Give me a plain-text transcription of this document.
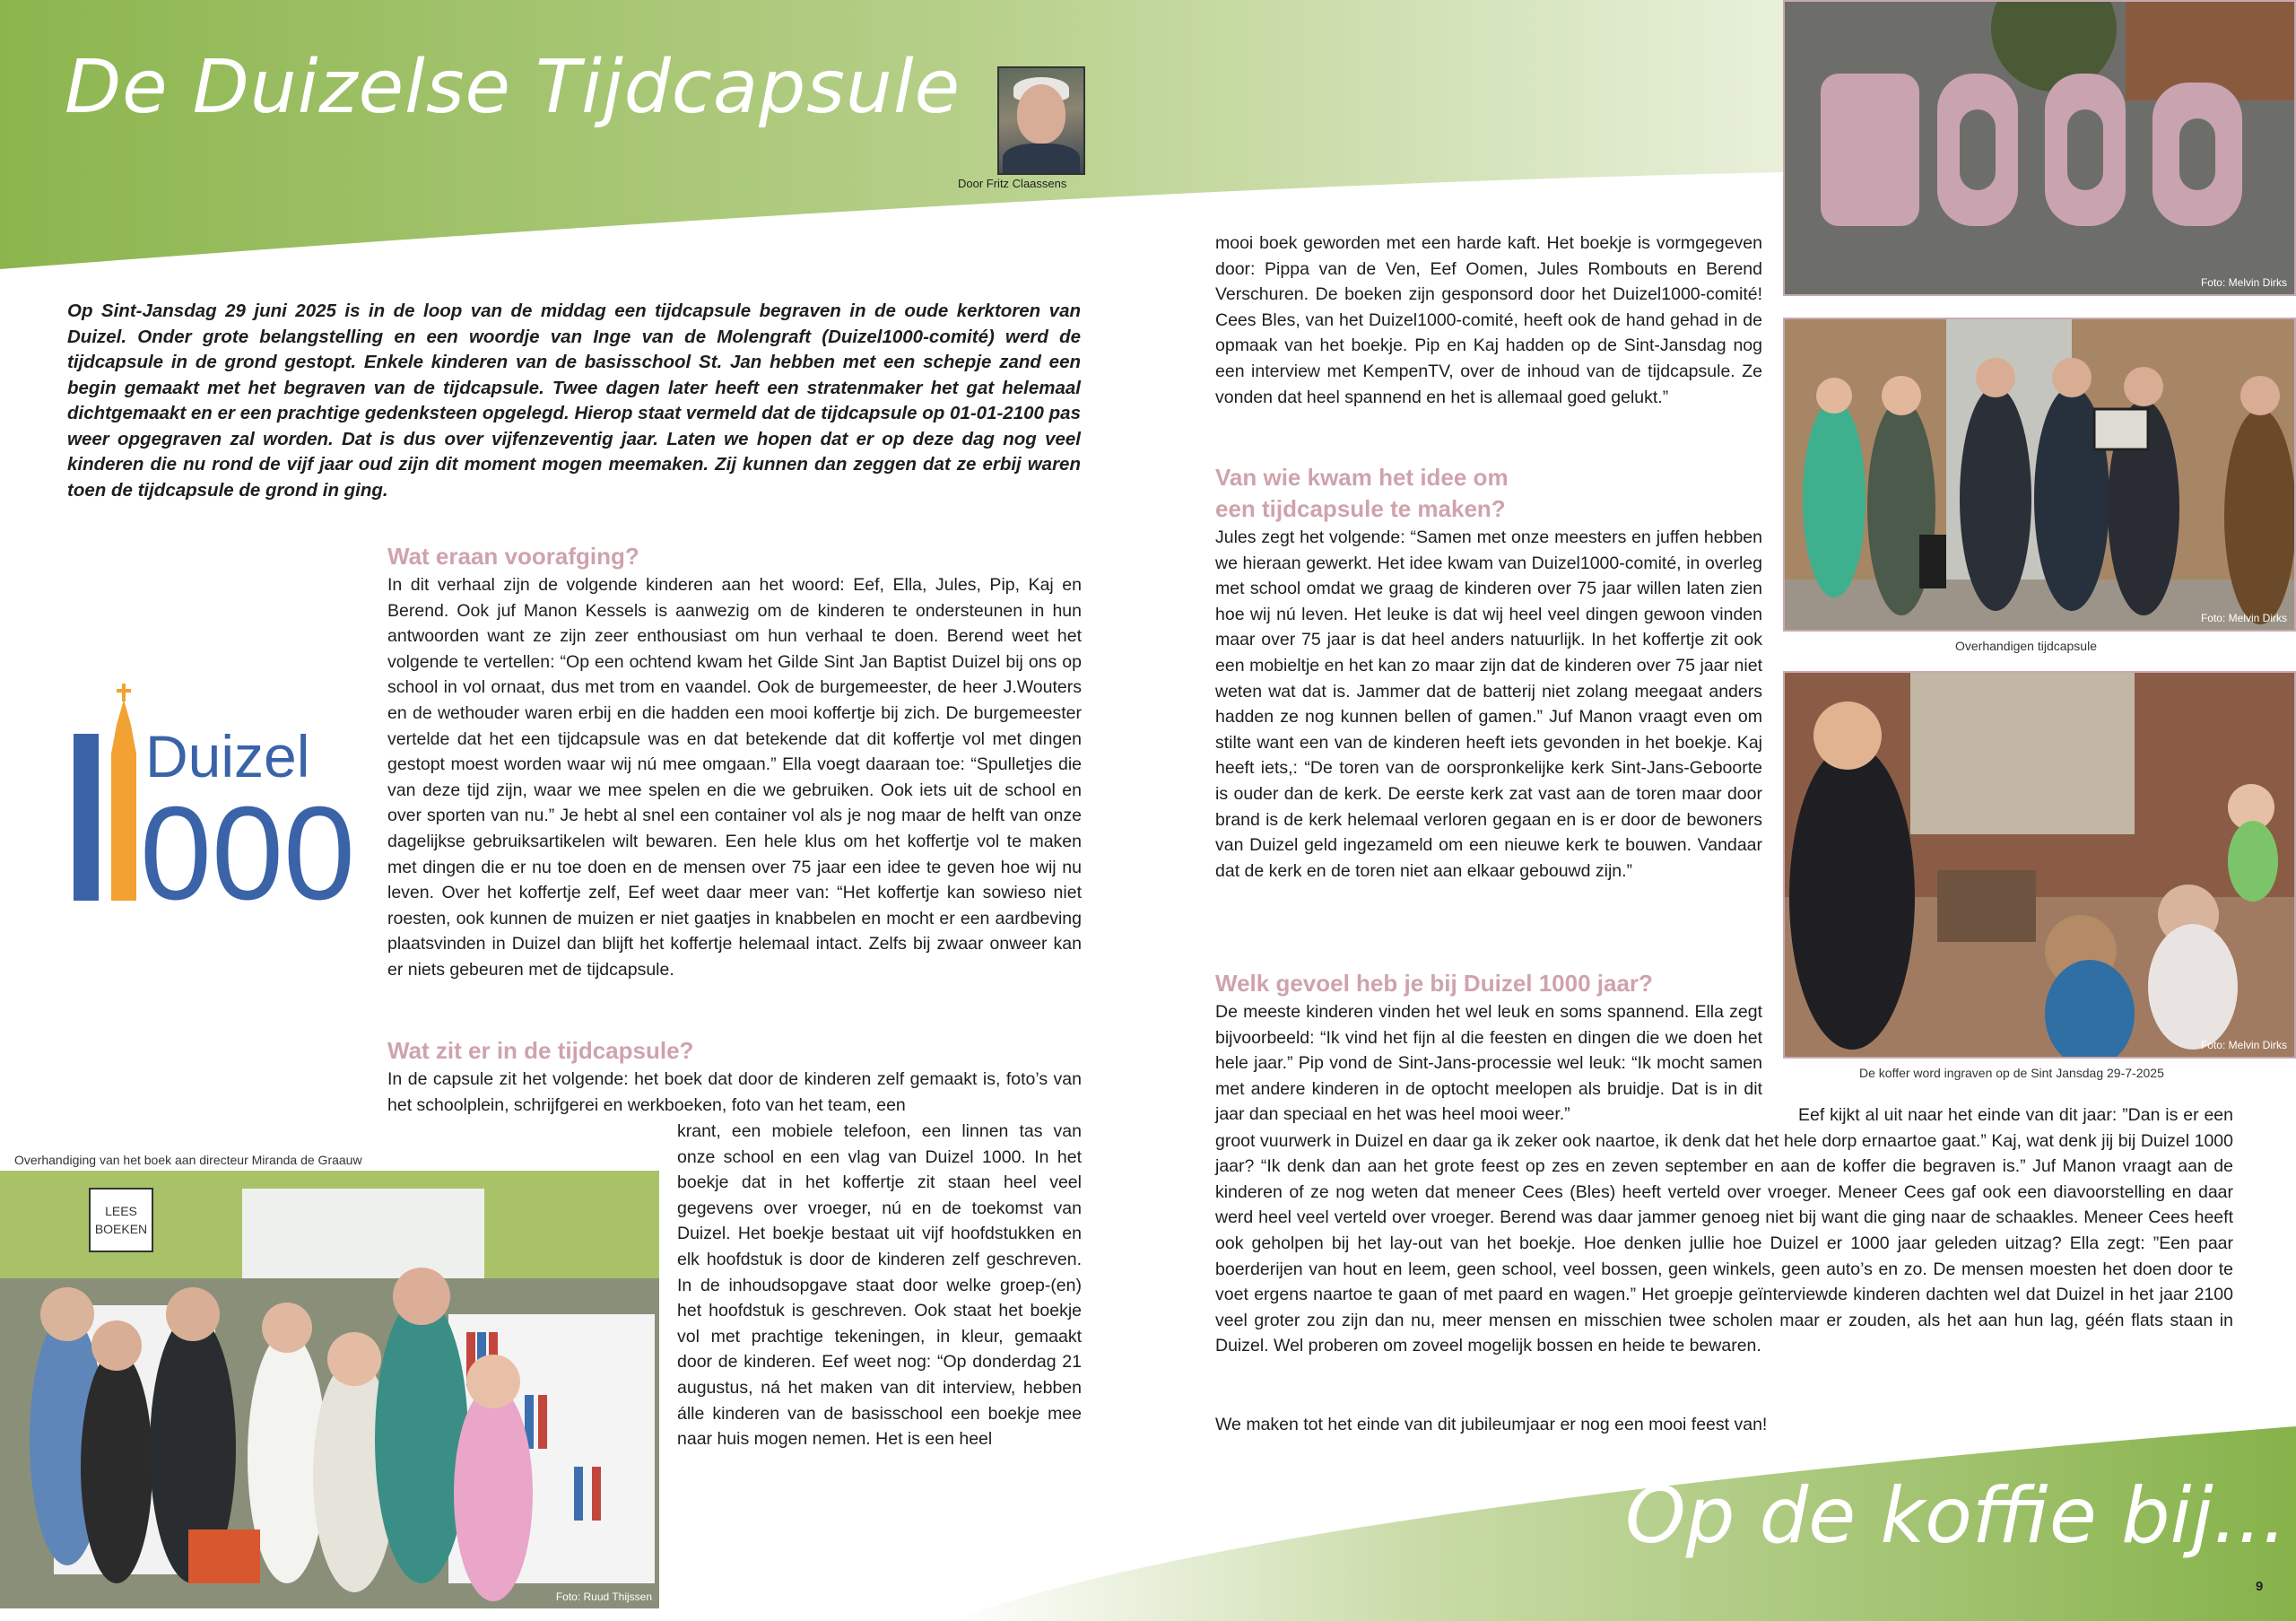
De Duizelse Tijdcapsule
Door Fritz Claassens

Op Sint-Jansdag 29 juni 2025 is in de loop van de middag een tijdcapsule begraven in de oude kerktoren van Duizel. Onder grote belangstelling en een woordje van Inge van de Molengraft (Duizel1000-comité) werd de tijdcapsule in de grond gestopt. Enkele kinderen van de basisschool St. Jan hebben met een schepje zand een begin gemaakt met het begraven van de tijdcapsule. Twee dagen later heeft een stratenmaker het gat helemaal dichtgemaakt en er een prachtige gedenksteen opgelegd. Hierop staat vermeld dat de tijdcapsule op 01-01-2100 pas weer opgegraven zal worden. Dat is dus over vijfenzeventig jaar. Laten we hopen dat er op deze dag nog veel kinderen die nu rond de vijf jaar oud zijn dit moment mogen meemaken. Zij kunnen dan zeggen dat ze erbij waren toen de tijdcapsule de grond in ging.

Duizel
000
Wat eraan voorafging?

In dit verhaal zijn de volgende kinderen aan het woord: Eef, Ella, Jules, Pip, Kaj en Berend. Ook juf Manon Kessels is aanwezig om de kinderen te ondersteunen in hun antwoorden want ze zijn zeer enthousiast om hun verhaal te doen. Berend weet het volgende te vertellen: “Op een ochtend kwam het Gilde Sint Jan Baptist Duizel bij ons op school in vol ornaat, dus met trom en vaandel. Ook de burgemeester, de heer J.Wouters en de wethouder waren erbij en die hadden een mooi koffertje bij zich. De burgemeester vertelde dat het een tijdcapsule was en dat betekende dat dit koffertje vol met dingen gestopt moest worden waar wij nú mee omgaan.” Ella voegt daaraan toe: “Spulletjes die van deze tijd zijn, waar we mee spelen en die we gebruiken. Ook iets uit de school en over sporten van nu.” Je hebt al snel een container vol als je nog maar de helft van onze dagelijkse gebruiksartikelen wilt bewaren. Een hele klus om het koffertje vol te maken met dingen die er nu toe doen en de mensen over 75 jaar een idee te geven hoe wij nu leven. Over het koffertje zelf, Eef weet daar meer van: “Het koffertje kan sowieso niet roesten, ook kunnen de muizen er niet gaatjes in knabbelen en mocht er een aardbeving plaatsvinden in Duizel dan blijft het koffertje helemaal intact. Zelfs bij zwaar onweer kan er niets gebeuren met de tijdcapsule.

Wat zit er in de tijdcapsule?

In de capsule zit het volgende: het boek dat door de kinderen zelf gemaakt is, foto’s van het schoolplein, schrijfgerei en werkboeken, foto van het team, een

krant, een mobiele telefoon, een linnen tas van onze school en een vlag van Duizel 1000. In het boekje dat in het koffertje zit staan heel veel gegevens over vroeger, nú en de toekomst van Duizel. Het boekje bestaat uit vijf hoofdstukken en elk hoofdstuk is door de kinderen zelf geschreven. In de inhoudsopgave staat door welke groep-(en) het hoofdstuk is geschreven. Ook staat het boekje vol met prachtige tekeningen, in kleur, gemaakt door de kinderen. Eef weet nog: “Op donderdag 21 augustus, ná het maken van dit interview, hebben álle kinderen van de basisschool een boekje mee naar huis mogen nemen. Het is een heel

Overhandiging van het boek aan directeur Miranda de Graauw
LEES
BOEKEN
Foto: Ruud Thijssen

mooi boek geworden met een harde kaft. Het boekje is vormgegeven door: Pippa van de Ven, Eef Oomen, Jules Rombouts en Berend Verschuren. De boeken zijn gesponsord door het Duizel1000-comité! Cees Bles, van het Duizel1000-comité, heeft ook de hand gehad in de opmaak van het boekje. Pip en Kaj hadden op de Sint-Jansdag nog een interview met KempenTV, over de inhoud van de tijdcapsule. Ze vonden dat heel spannend en het is allemaal goed gelukt.”

Van wie kwam het idee om
een tijdcapsule te maken?

Jules zegt het volgende: “Samen met onze meesters en juffen hebben we hieraan gewerkt. Het idee kwam van Duizel1000-comité, in overleg met school omdat we graag de kinderen over 75 jaar willen laten zien hoe wij nú leven. Het leuke is dat wij heel veel dingen gewoon vinden maar over 75 jaar is dat heel anders natuurlijk. In het koffertje zit ook een mobieltje en het kan zo maar zijn dat de kinderen over 75 jaar niet weten wat dat is. Jammer dat de batterij niet zolang meegaat anders hadden ze nog kunnen bellen of gamen.” Juf Manon vraagt even om stilte want een van de kinderen heeft iets gevonden in het boekje. Kaj heeft iets,: “De toren van de oorspronkelijke kerk Sint-Jans-Geboorte is ouder dan de kerk. De eerste kerk zat vast aan de toren maar door brand is de kerk helemaal verloren gegaan en is er door de bewoners van Duizel geld ingezameld om een nieuwe kerk te bouwen. Vandaar dat de kerk en de toren niet aan elkaar gebouwd zijn.”

Welk gevoel heb je bij Duizel 1000 jaar?

De meeste kinderen vinden het wel leuk en soms spannend. Ella zegt bijvoorbeeld: “Ik vind het fijn al die feesten en dingen die we doen het hele jaar.” Pip vond de Sint-Jans-processie wel leuk: “Ik mocht samen met andere kinderen in de optocht meelopen als bruidje. Dat is in dit jaar dan speciaal en het was heel mooi weer.”	Eef kijkt al uit naar het einde van dit jaar: ”Dan is er een groot vuurwerk in Duizel en daar ga ik zeker ook naartoe, ik denk dat het hele dorp ernaartoe gaat.” Kaj, wat denk jij bij Duizel 1000 jaar? “Ik denk dan aan het grote feest op zes en zeven september en aan de koffer die begraven is.” Juf Manon vraagt aan de kinderen of ze nog weten dat meneer Cees (Bles) heeft verteld over vroeger. Meneer Cees gaf ook een diavoorstelling en daar werd heel veel verteld over vroeger. Berend was daar jammer genoeg niet bij want die ging naar de schaakles. Meneer Cees heeft ook geholpen bij het lay-out van het boekje. Hoe denken jullie hoe Duizel er 1000 jaar geleden uitzag? Ella zegt: ”Een paar boerderijen van hout en leem, geen school, veel bossen, geen winkels, geen auto’s en zo. De mensen moesten het doen door te voet ergens naartoe te gaan of met paard en wagen.” Het groepje geïnterviewde kinderen dachten wel dat Duizel in het jaar 2100 veel groter zou zijn dan nu, meer mensen en misschien twee scholen maar er zouden, als het aan hun lag, géén flats staan in Duizel. Wel proberen om zoveel mogelijk bossen en heide te bewaren.

We maken tot het einde van dit jubileumjaar er nog een mooi feest van!

Foto: Melvin Dirks
Foto: Melvin Dirks
Overhandigen tijdcapsule
Foto: Melvin Dirks
De koffer word ingraven op de Sint Jansdag 29-7-2025
Op de koffie bij...
9
